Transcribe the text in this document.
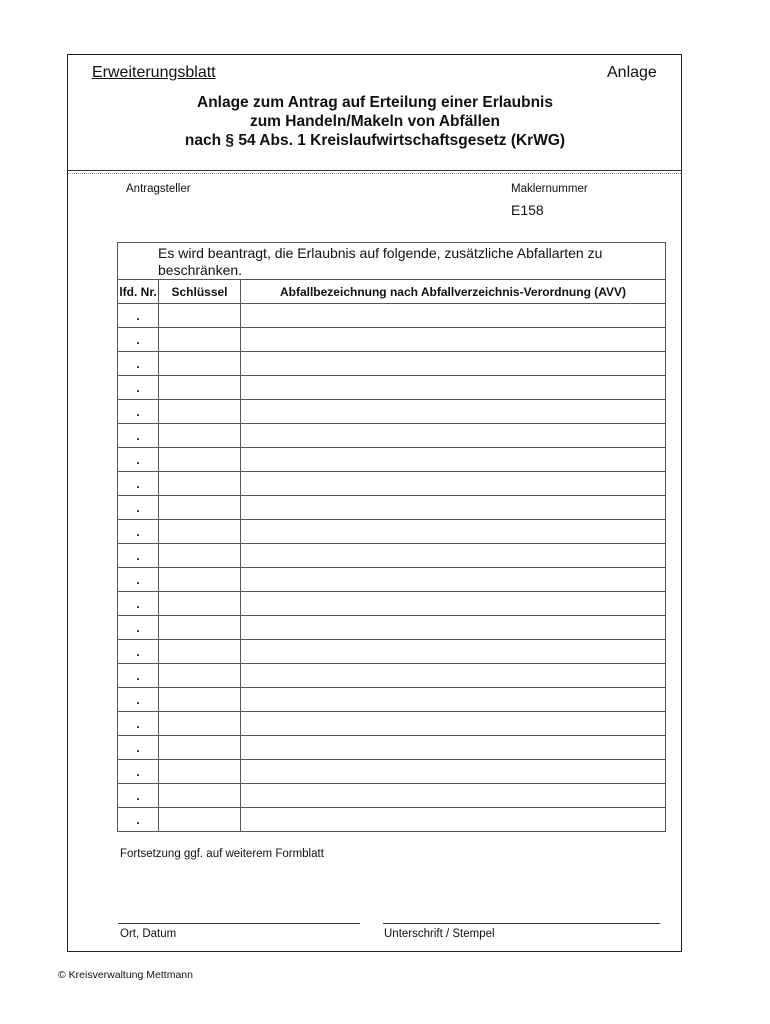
Erweiterungsblatt	Anlage
Anlage zum Antrag auf Erteilung einer Erlaubnis
zum Handeln/Makeln von Abfällen
nach § 54 Abs. 1 Kreislaufwirtschaftsgesetz (KrWG)
Antragsteller	Maklernummer
E158
Es wird beantragt, die Erlaubnis auf folgende, zusätzliche Abfallarten zu beschränken.		

lfd. Nr.	Schlüssel	Abfallbezeichnung nach Abfallverzeichnis-Verordnung (AVV)
.		
.		
.		
.		
.		
.		
.		
.		
.		
.		
.		
.		
.		
.		
.		
.		
.		
.		
.		
.		
.		
.		
Fortsetzung ggf. auf weiterem Formblatt
Ort, Datum	Unterschrift / Stempel
© Kreisverwaltung Mettmann
